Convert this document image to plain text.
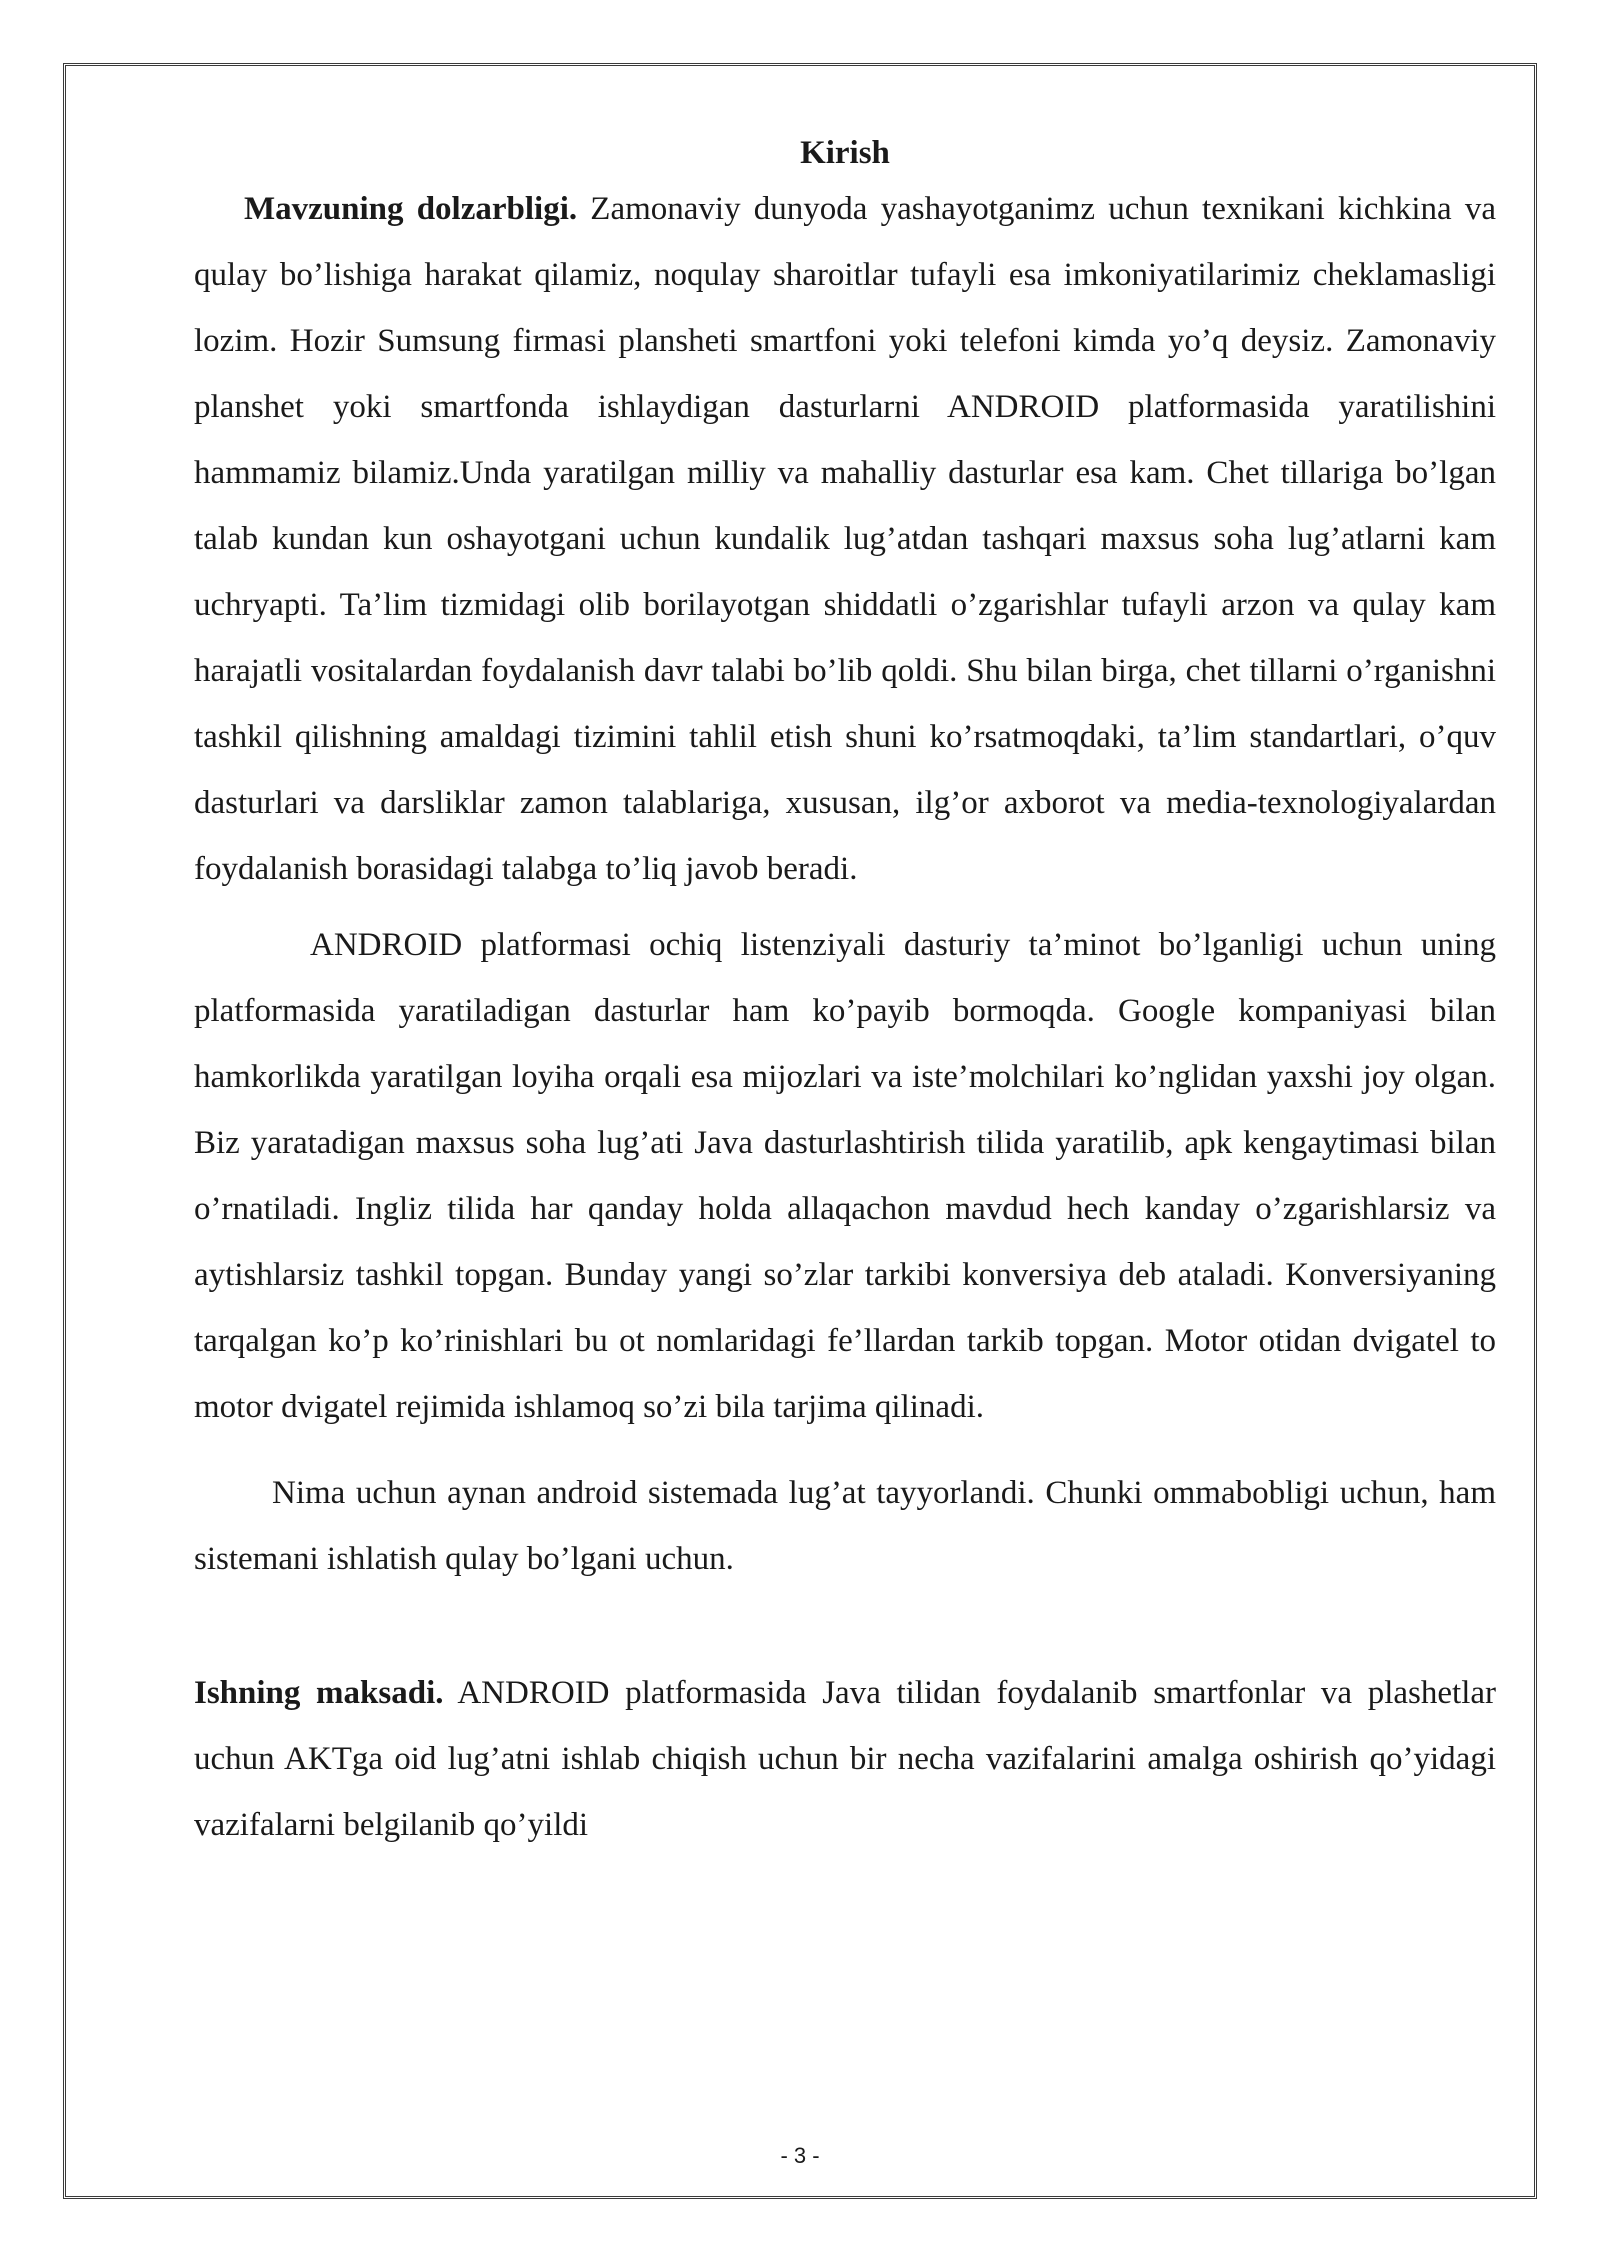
Kirish

Mavzuning dolzarbligi. Zamonaviy dunyoda yashayotganimz uchun texnikani kichkina va qulay bo’lishiga harakat qilamiz, noqulay sharoitlar tufayli esa imkoniyatilarimiz cheklamasligi lozim. Hozir Sumsung firmasi plansheti smartfoni yoki telefoni kimda yo’q deysiz. Zamonaviy planshet yoki smartfonda ishlaydigan dasturlarni ANDROID platformasida yaratilishini hammamiz bilamiz.Unda yaratilgan milliy va mahalliy dasturlar esa kam. Chet tillariga bo’lgan talab kundan kun oshayotgani uchun kundalik lug’atdan tashqari maxsus soha lug’atlarni kam uchryapti. Ta’lim tizmidagi olib borilayotgan shiddatli o’zgarishlar tufayli arzon va qulay kam harajatli vositalardan foydalanish davr talabi bo’lib qoldi. Shu bilan birga, chet tillarni o’rganishni tashkil qilishning amaldagi tizimini tahlil etish shuni ko’rsatmoqdaki, ta’lim standartlari, o’quv dasturlari va darsliklar zamon talablariga, xususan, ilg’or axborot va media-texnologiyalardan foydalanish borasidagi talabga to’liq javob beradi.

ANDROID platformasi ochiq listenziyali dasturiy ta’minot bo’lganligi uchun uning platformasida yaratiladigan dasturlar ham ko’payib bormoqda. Google kompaniyasi bilan hamkorlikda yaratilgan loyiha orqali esa mijozlari va iste’molchilari ko’nglidan yaxshi joy olgan. Biz yaratadigan maxsus soha lug’ati Java dasturlashtirish tilida yaratilib, apk kengaytimasi bilan o’rnatiladi. Ingliz tilida har qanday holda allaqachon mavdud hech kanday o’zgarishlarsiz va aytishlarsiz tashkil topgan. Bunday yangi so’zlar tarkibi konversiya deb ataladi. Konversiyaning tarqalgan ko’p ko’rinishlari bu ot nomlaridagi fe’llardan tarkib topgan. Motor otidan dvigatel to motor dvigatel rejimida ishlamoq so’zi bila tarjima qilinadi.

Nima uchun aynan android sistemada lug’at tayyorlandi. Chunki ommabobligi uchun, ham sistemani ishlatish qulay bo’lgani uchun.

Ishning maksadi. ANDROID platformasida Java tilidan foydalanib smartfonlar va plashetlar uchun AKTga oid lug’atni ishlab chiqish uchun bir necha vazifalarini amalga oshirish qo’yidagi vazifalarni belgilanib qo’yildi

- 3 -
